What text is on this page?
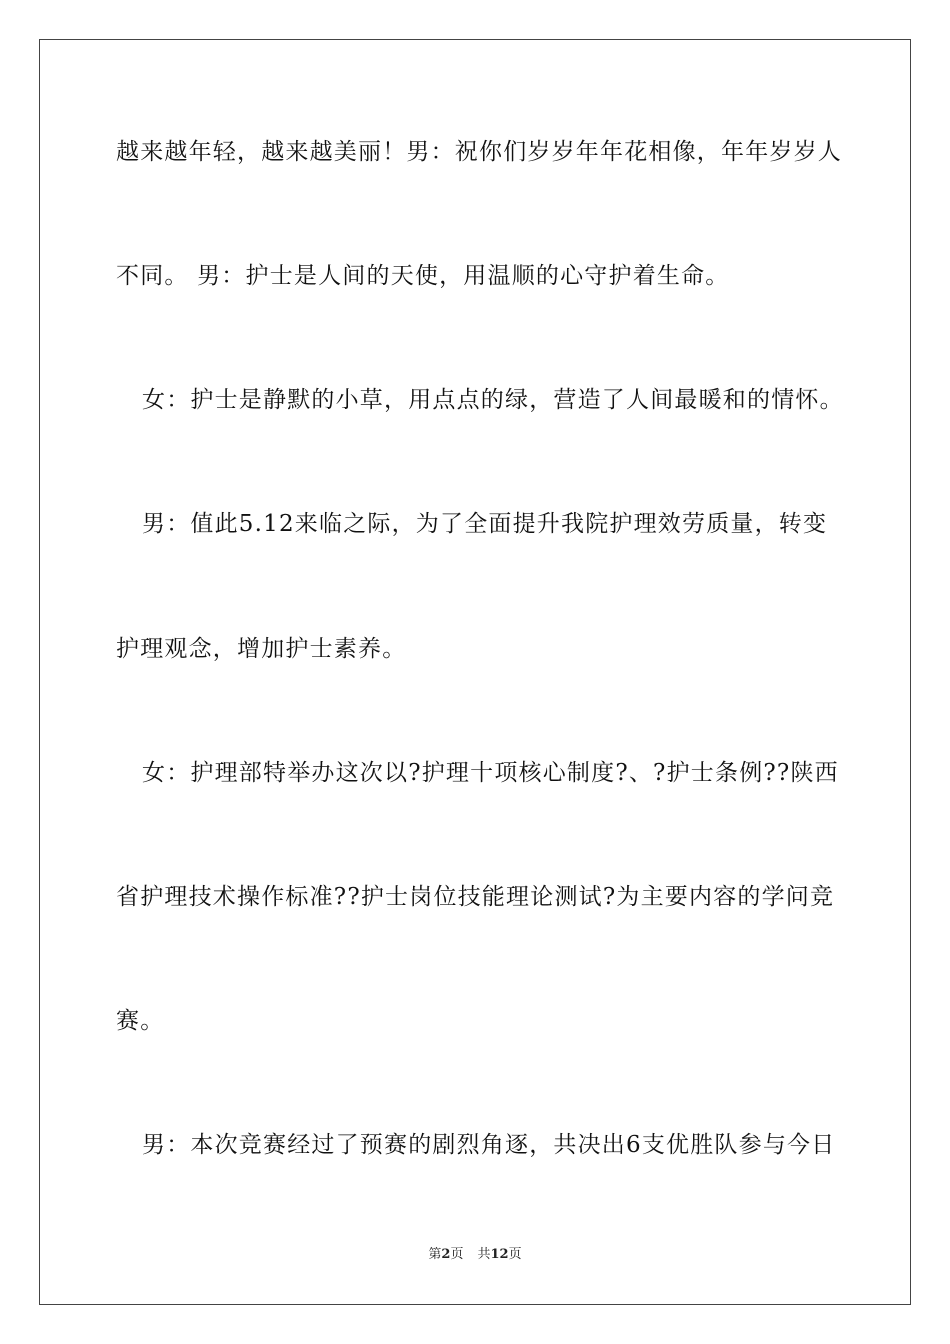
越来越年轻，越来越美丽！男：祝你们岁岁年年花相像，年年岁岁人
不同。 男：护士是人间的天使，用温顺的心守护着生命。
女：护士是静默的小草，用点点的绿，营造了人间最暖和的情怀。
男：值此5.12来临之际，为了全面提升我院护理效劳质量，转变
护理观念，增加护士素养。
女：护理部特举办这次以?护理十项核心制度?、?护士条例??陕西
省护理技术操作标准??护士岗位技能理论测试?为主要内容的学问竞
赛。
男：本次竞赛经过了预赛的剧烈角逐，共决出6支优胜队参与今日
第2页 共12页
